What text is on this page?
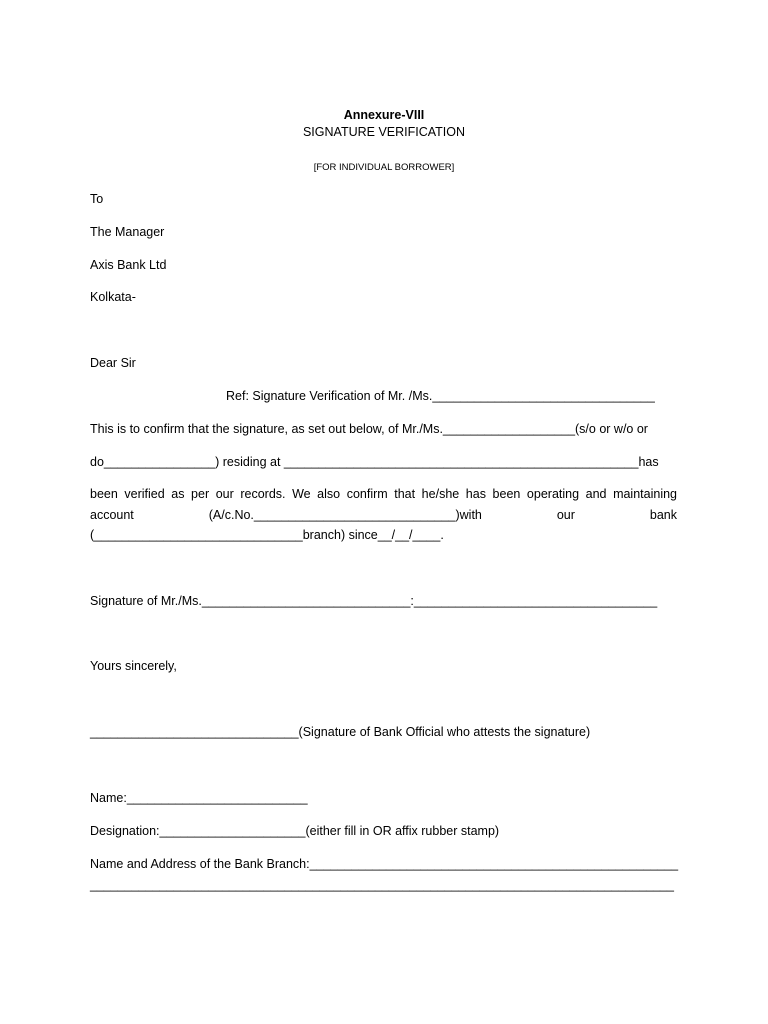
Annexure-VIII
SIGNATURE VERIFICATION
[FOR INDIVIDUAL BORROWER]
To
The Manager
Axis Bank Ltd
Kolkata-
Dear Sir
Ref: Signature Verification of Mr. /Ms.________________________________
This is to confirm that the signature, as set out below, of Mr./Ms.___________________(s/o or w/o or
do________________) residing at ___________________________________________________has
been verified as per our records. We also confirm that he/she has been operating and maintaining
account (A/c.No._____________________________)with our bank
(______________________________branch) since__/__/____.
Signature of Mr./Ms.______________________________:___________________________________
Yours sincerely,
______________________________(Signature of Bank Official who attests the signature)
Name:__________________________
Designation:_____________________(either fill in OR affix rubber stamp)
Name and Address of the Bank Branch:_____________________________________________________
____________________________________________________________________________________
